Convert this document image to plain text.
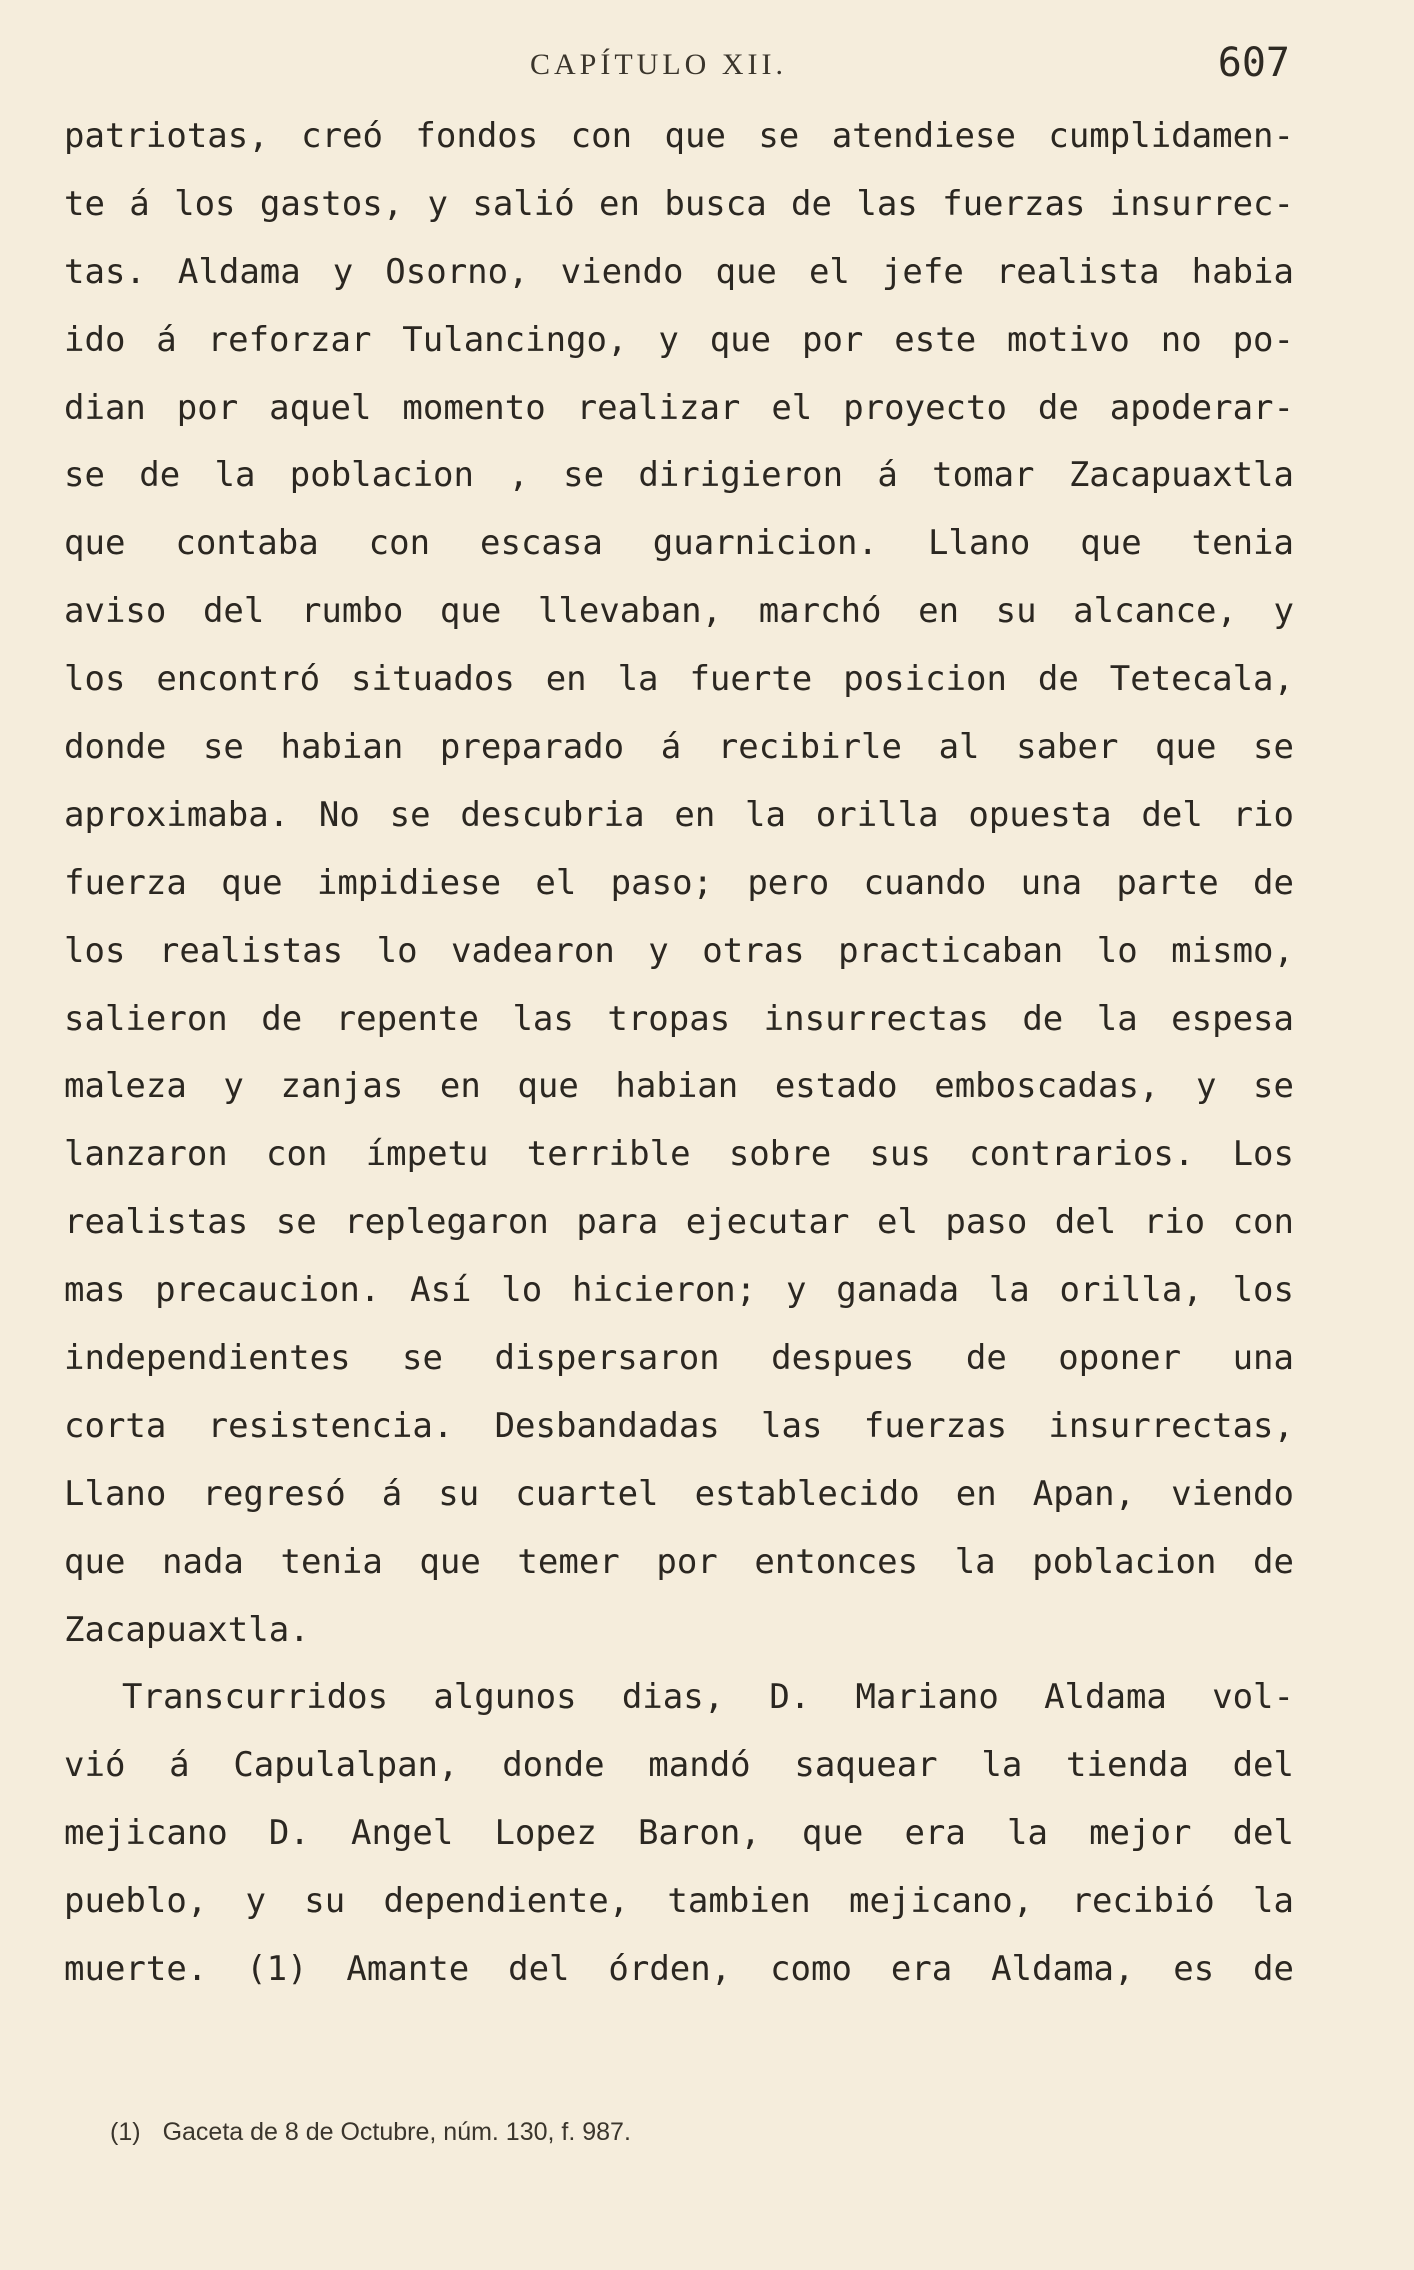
CAPÍTULO XII.	607
patriotas, creó fondos con que se atendiese cumplidamen-
te á los gastos, y salió en busca de las fuerzas insurrec-
tas. Aldama y Osorno, viendo que el jefe realista habia
ido á reforzar Tulancingo, y que por este motivo no po-
dian por aquel momento realizar el proyecto de apoderar-
se de la poblacion , se dirigieron á tomar Zacapuaxtla
que contaba con escasa guarnicion. Llano que tenia
aviso del rumbo que llevaban, marchó en su alcance, y
los encontró situados en la fuerte posicion de Tetecala,
donde se habian preparado á recibirle al saber que se
aproximaba. No se descubria en la orilla opuesta del rio
fuerza que impidiese el paso; pero cuando una parte de
los realistas lo vadearon y otras practicaban lo mismo,
salieron de repente las tropas insurrectas de la espesa
maleza y zanjas en que habian estado emboscadas, y se
lanzaron con ímpetu terrible sobre sus contrarios. Los
realistas se replegaron para ejecutar el paso del rio con
mas precaucion. Así lo hicieron; y ganada la orilla, los
independientes se dispersaron despues de oponer una
corta resistencia. Desbandadas las fuerzas insurrectas,
Llano regresó á su cuartel establecido en Apan, viendo
que nada tenia que temer por entonces la poblacion de
Zacapuaxtla.
Transcurridos algunos dias, D. Mariano Aldama vol-
vió á Capulalpan, donde mandó saquear la tienda del
mejicano D. Angel Lopez Baron, que era la mejor del
pueblo, y su dependiente, tambien mejicano, recibió la
muerte. (1) Amante del órden, como era Aldama, es de
(1) Gaceta de 8 de Octubre, núm. 130, f. 987.
